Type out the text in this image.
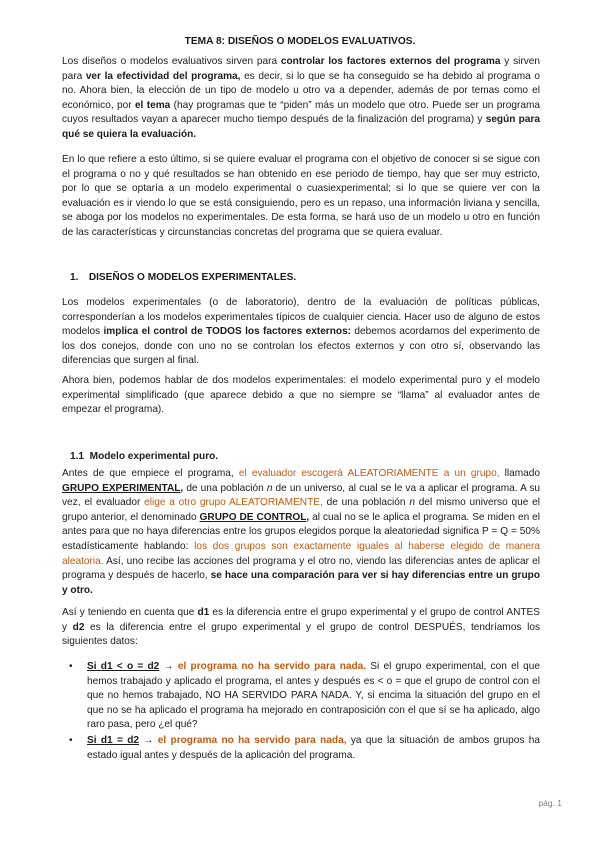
TEMA 8: DISEÑOS O MODELOS EVALUATIVOS.

Los diseños o modelos evaluativos sirven para controlar los factores externos del programa y sirven para ver la efectividad del programa, es decir, si lo que se ha conseguido se ha debido al programa o no. Ahora bien, la elección de un tipo de modelo u otro va a depender, además de por temas como el económico, por el tema (hay programas que te “piden” más un modelo que otro. Puede ser un programa cuyos resultados vayan a aparecer mucho tiempo después de la finalización del programa) y según para qué se quiera la evaluación.

En lo que refiere a esto último, si se quiere evaluar el programa con el objetivo de conocer si se sigue con el programa o no y qué resultados se han obtenido en ese periodo de tiempo, hay que ser muy estricto, por lo que se optaría a un modelo experimental o cuasiexperimental; si lo que se quiere ver con la evaluación es ir viendo lo que se está consiguiendo, pero es un repaso, una información liviana y sencilla, se aboga por los modelos no experimentales. De esta forma, se hará uso de un modelo u otro en función de las características y circunstancias concretas del programa que se quiera evaluar.

1. DISEÑOS O MODELOS EXPERIMENTALES.

Los modelos experimentales (o de laboratorio), dentro de la evaluación de políticas públicas, corresponderían a los modelos experimentales típicos de cualquier ciencia. Hacer uso de alguno de estos modelos implica el control de TODOS los factores externos: debemos acordarnos del experimento de los dos conejos, donde con uno no se controlan los efectos externos y con otro sí, observando las diferencias que surgen al final.

Ahora bien, podemos hablar de dos modelos experimentales: el modelo experimental puro y el modelo experimental simplificado (que aparece debido a que no siempre se “llama” al evaluador antes de empezar el programa).

1.1 Modelo experimental puro.

Antes de que empiece el programa, el evaluador escogerá ALEATORIAMENTE a un grupo, llamado GRUPO EXPERIMENTAL, de una población n de un universo, al cual se le va a aplicar el programa. A su vez, el evaluador elige a otro grupo ALEATORIAMENTE, de una población n del mismo universo que el grupo anterior, el denominado GRUPO DE CONTROL, al cual no se le aplica el programa. Se miden en el antes para que no haya diferencias entre los grupos elegidos porque la aleatoriedad significa P = Q = 50% estadísticamente hablando: los dos grupos son exactamente iguales al haberse elegido de manera aleatoria. Así, uno recibe las acciones del programa y el otro no, viendo las diferencias antes de aplicar el programa y después de hacerlo, se hace una comparación para ver si hay diferencias entre un grupo y otro.

Así y teniendo en cuenta que d1 es la diferencia entre el grupo experimental y el grupo de control ANTES y d2 es la diferencia entre el grupo experimental y el grupo de control DESPUÉS, tendríamos los siguientes datos:

• Si d1 < o = d2 → el programa no ha servido para nada. Si el grupo experimental, con el que hemos trabajado y aplicado el programa, el antes y después es < o = que el grupo de control con el que no hemos trabajado, NO HA SERVIDO PARA NADA. Y, si encima la situación del grupo en el que no se ha aplicado el programa ha mejorado en contraposición con el que sí se ha aplicado, algo raro pasa, pero ¿el qué?
• Si d1 = d2 → el programa no ha servido para nada, ya que la situación de ambos grupos ha estado igual antes y después de la aplicación del programa.
pág. 1
